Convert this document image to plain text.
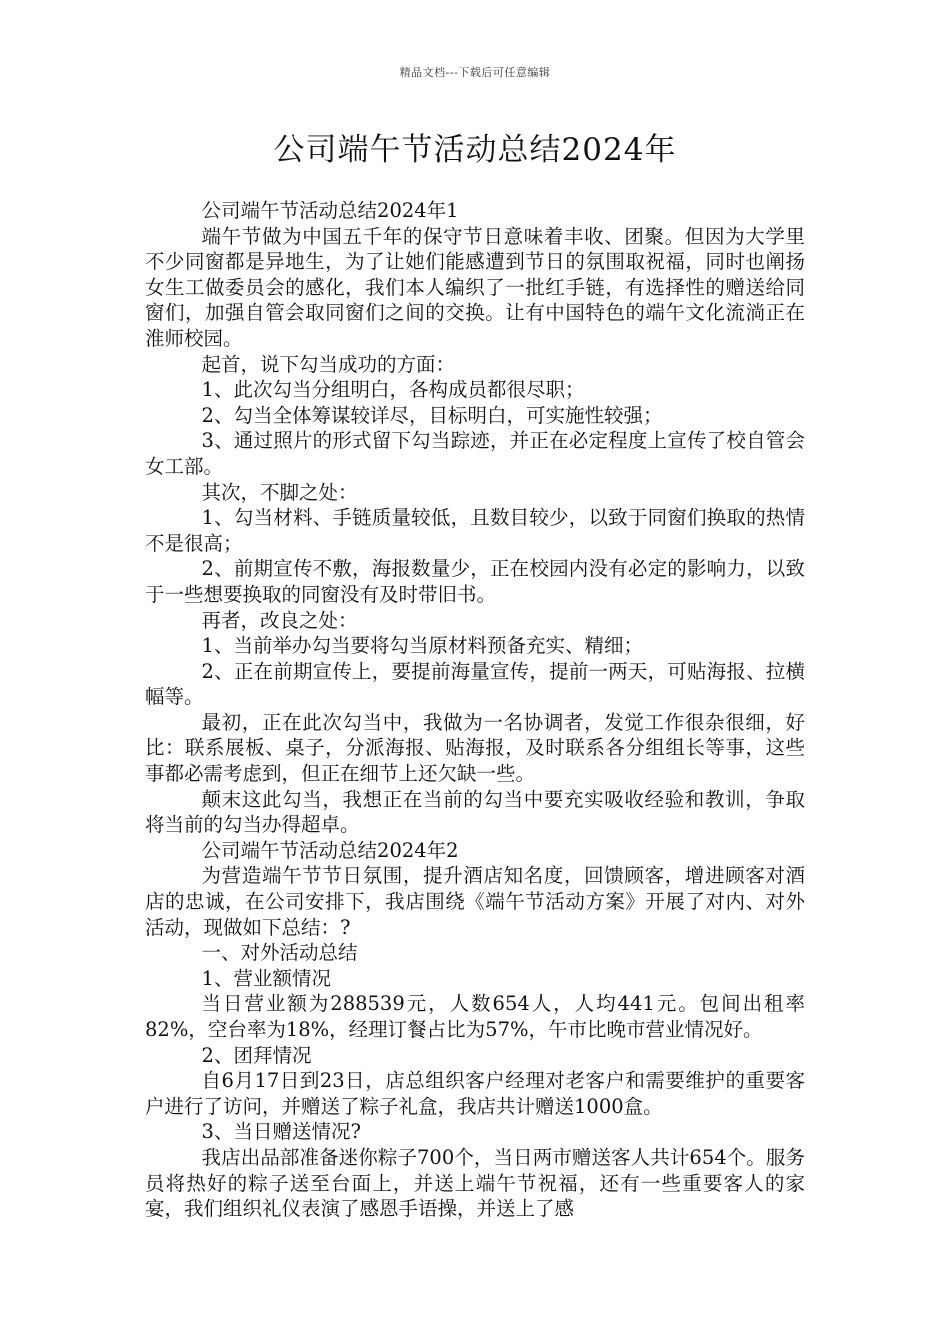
精品文档---下载后可任意编辑
公司端午节活动总结2024年

公司端午节活动总结2024年1

端午节做为中国五千年的保守节日意味着丰收、团聚。但因为大学里不少同窗都是异地生，为了让她们能感遭到节日的氛围取祝福，同时也阐扬女生工做委员会的感化，我们本人编织了一批红手链，有选择性的赠送给同窗们，加强自管会取同窗们之间的交换。让有中国特色的端午文化流淌正在淮师校园。

起首，说下勾当成功的方面：

1、此次勾当分组明白，各构成员都很尽职；

2、勾当全体筹谋较详尽，目标明白，可实施性较强；

3、通过照片的形式留下勾当踪迹，并正在必定程度上宣传了校自管会女工部。

其次，不脚之处：

1、勾当材料、手链质量较低，且数目较少，以致于同窗们换取的热情不是很高；

2、前期宣传不敷，海报数量少，正在校园内没有必定的影响力，以致于一些想要换取的同窗没有及时带旧书。

再者，改良之处：

1、当前举办勾当要将勾当原材料预备充实、精细；

2、正在前期宣传上，要提前海量宣传，提前一两天，可贴海报、拉横幅等。

最初，正在此次勾当中，我做为一名协调者，发觉工作很杂很细，好比：联系展板、桌子，分派海报、贴海报，及时联系各分组组长等事，这些事都必需考虑到，但正在细节上还欠缺一些。

颠末这此勾当，我想正在当前的勾当中要充实吸收经验和教训，争取将当前的勾当办得超卓。

公司端午节活动总结2024年2

为营造端午节节日氛围，提升酒店知名度，回馈顾客，增进顾客对酒店的忠诚，在公司安排下，我店围绕《端午节活动方案》开展了对内、对外活动，现做如下总结：?

一、对外活动总结

1、营业额情况

当日营业额为288539元，人数654人，人均441元。包间出租率82%，空台率为18%，经理订餐占比为57%，午市比晚市营业情况好。

2、团拜情况

自6月17日到23日，店总组织客户经理对老客户和需要维护的重要客户进行了访问，并赠送了粽子礼盒，我店共计赠送1000盒。

3、当日赠送情况?

我店出品部准备迷你粽子700个，当日两市赠送客人共计654个。服务员将热好的粽子送至台面上，并送上端午节祝福，还有一些重要客人的家宴，我们组织礼仪表演了感恩手语操，并送上了感
